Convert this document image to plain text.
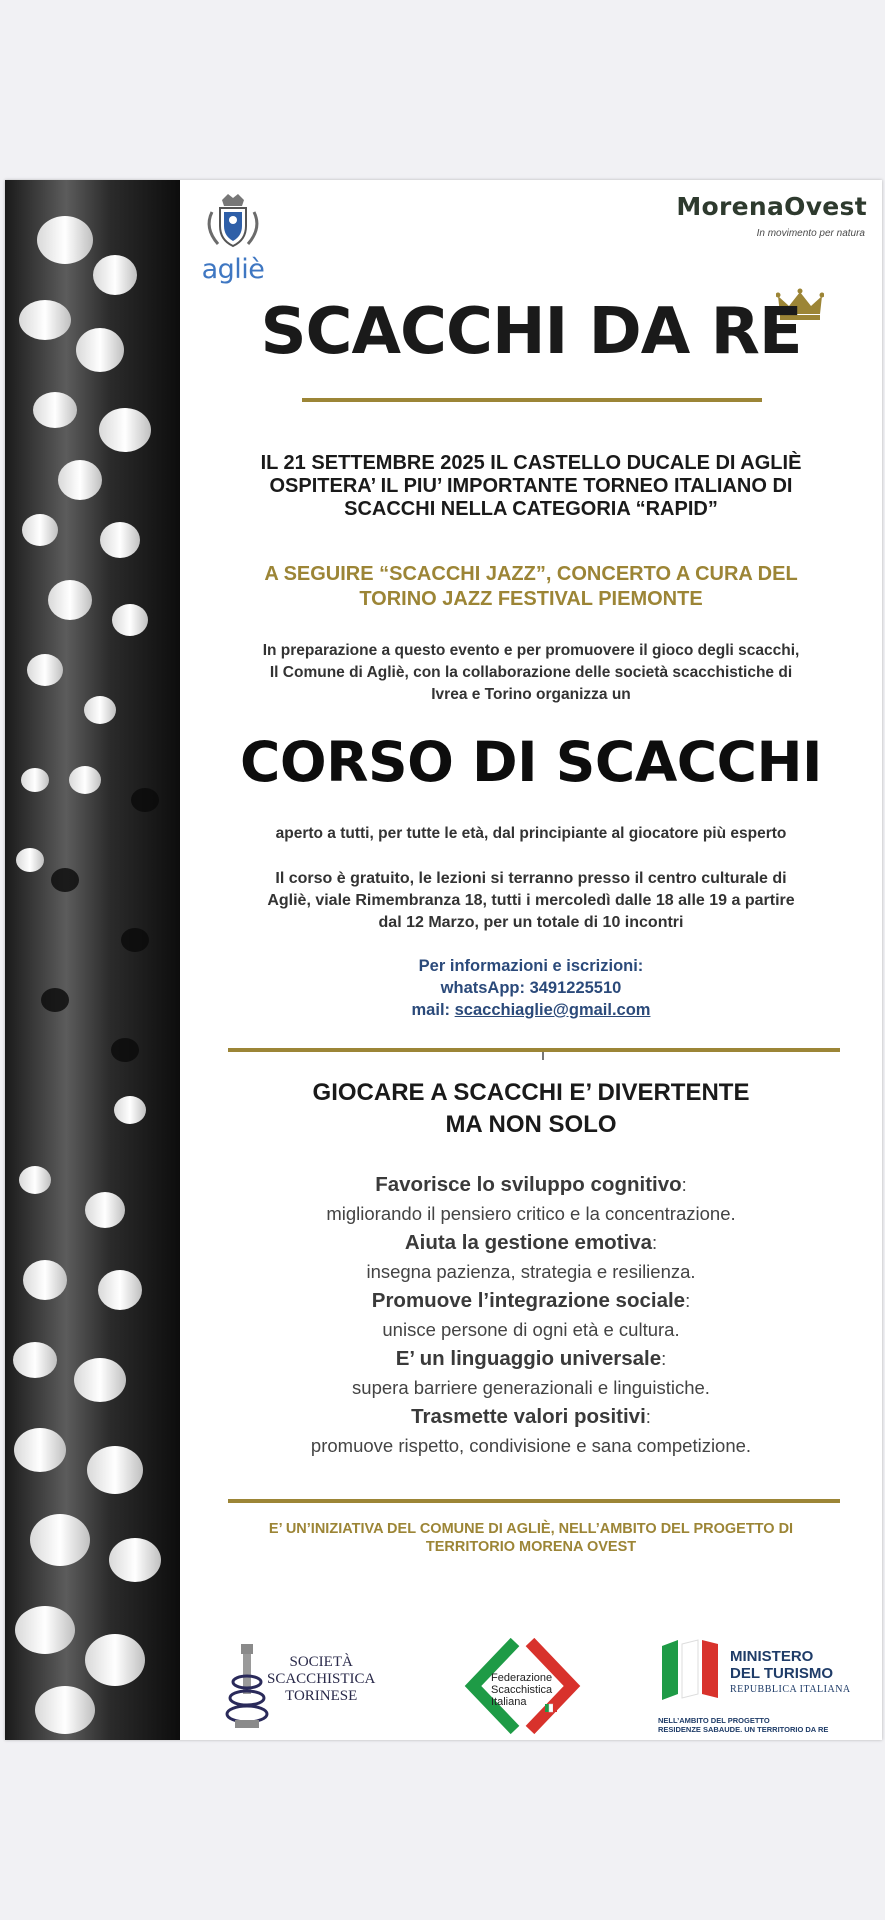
agliè
MorenaOvest
In movimento per natura
SCACCHI DA RE
IL 21 SETTEMBRE 2025 IL CASTELLO DUCALE DI AGLIÈ
OSPITERA’ IL PIU’ IMPORTANTE TORNEO ITALIANO DI
SCACCHI NELLA CATEGORIA “RAPID”
A SEGUIRE “SCACCHI JAZZ”, CONCERTO A CURA DEL
TORINO JAZZ FESTIVAL PIEMONTE
In preparazione a questo evento e per promuovere il gioco degli scacchi,
Il Comune di Agliè, con la collaborazione delle società scacchistiche di
Ivrea e Torino organizza un
CORSO DI SCACCHI
aperto a tutti, per tutte le età, dal principiante al giocatore più esperto
Il corso è gratuito, le lezioni si terranno presso il centro culturale di
Agliè, viale Rimembranza 18, tutti i mercoledì dalle 18 alle 19 a partire
dal 12 Marzo, per un totale di 10 incontri
Per informazioni e iscrizioni:
whatsApp: 3491225510
mail: scacchiaglie@gmail.com
GIOCARE A SCACCHI E’ DIVERTENTE
MA NON SOLO
Favorisce lo sviluppo cognitivo:
migliorando il pensiero critico e la concentrazione.
Aiuta la gestione emotiva:
insegna pazienza, strategia e resilienza.
Promuove l’integrazione sociale:
unisce persone di ogni età e cultura.
E’ un linguaggio universale:
supera barriere generazionali e linguistiche.
Trasmette valori positivi:
promuove rispetto, condivisione e sana competizione.
E’ UN’INIZIATIVA DEL COMUNE DI AGLIÈ, NELL’AMBITO DEL PROGETTO DI
TERRITORIO MORENA OVEST
SOCIETÀ
SCACCHISTICA
TORINESE
Federazione
Scacchistica
Italiana
MINISTERO
DEL TURISMO
REPUBBLICA ITALIANA
NELL’AMBITO DEL PROGETTO
RESIDENZE SABAUDE. UN TERRITORIO DA RE
